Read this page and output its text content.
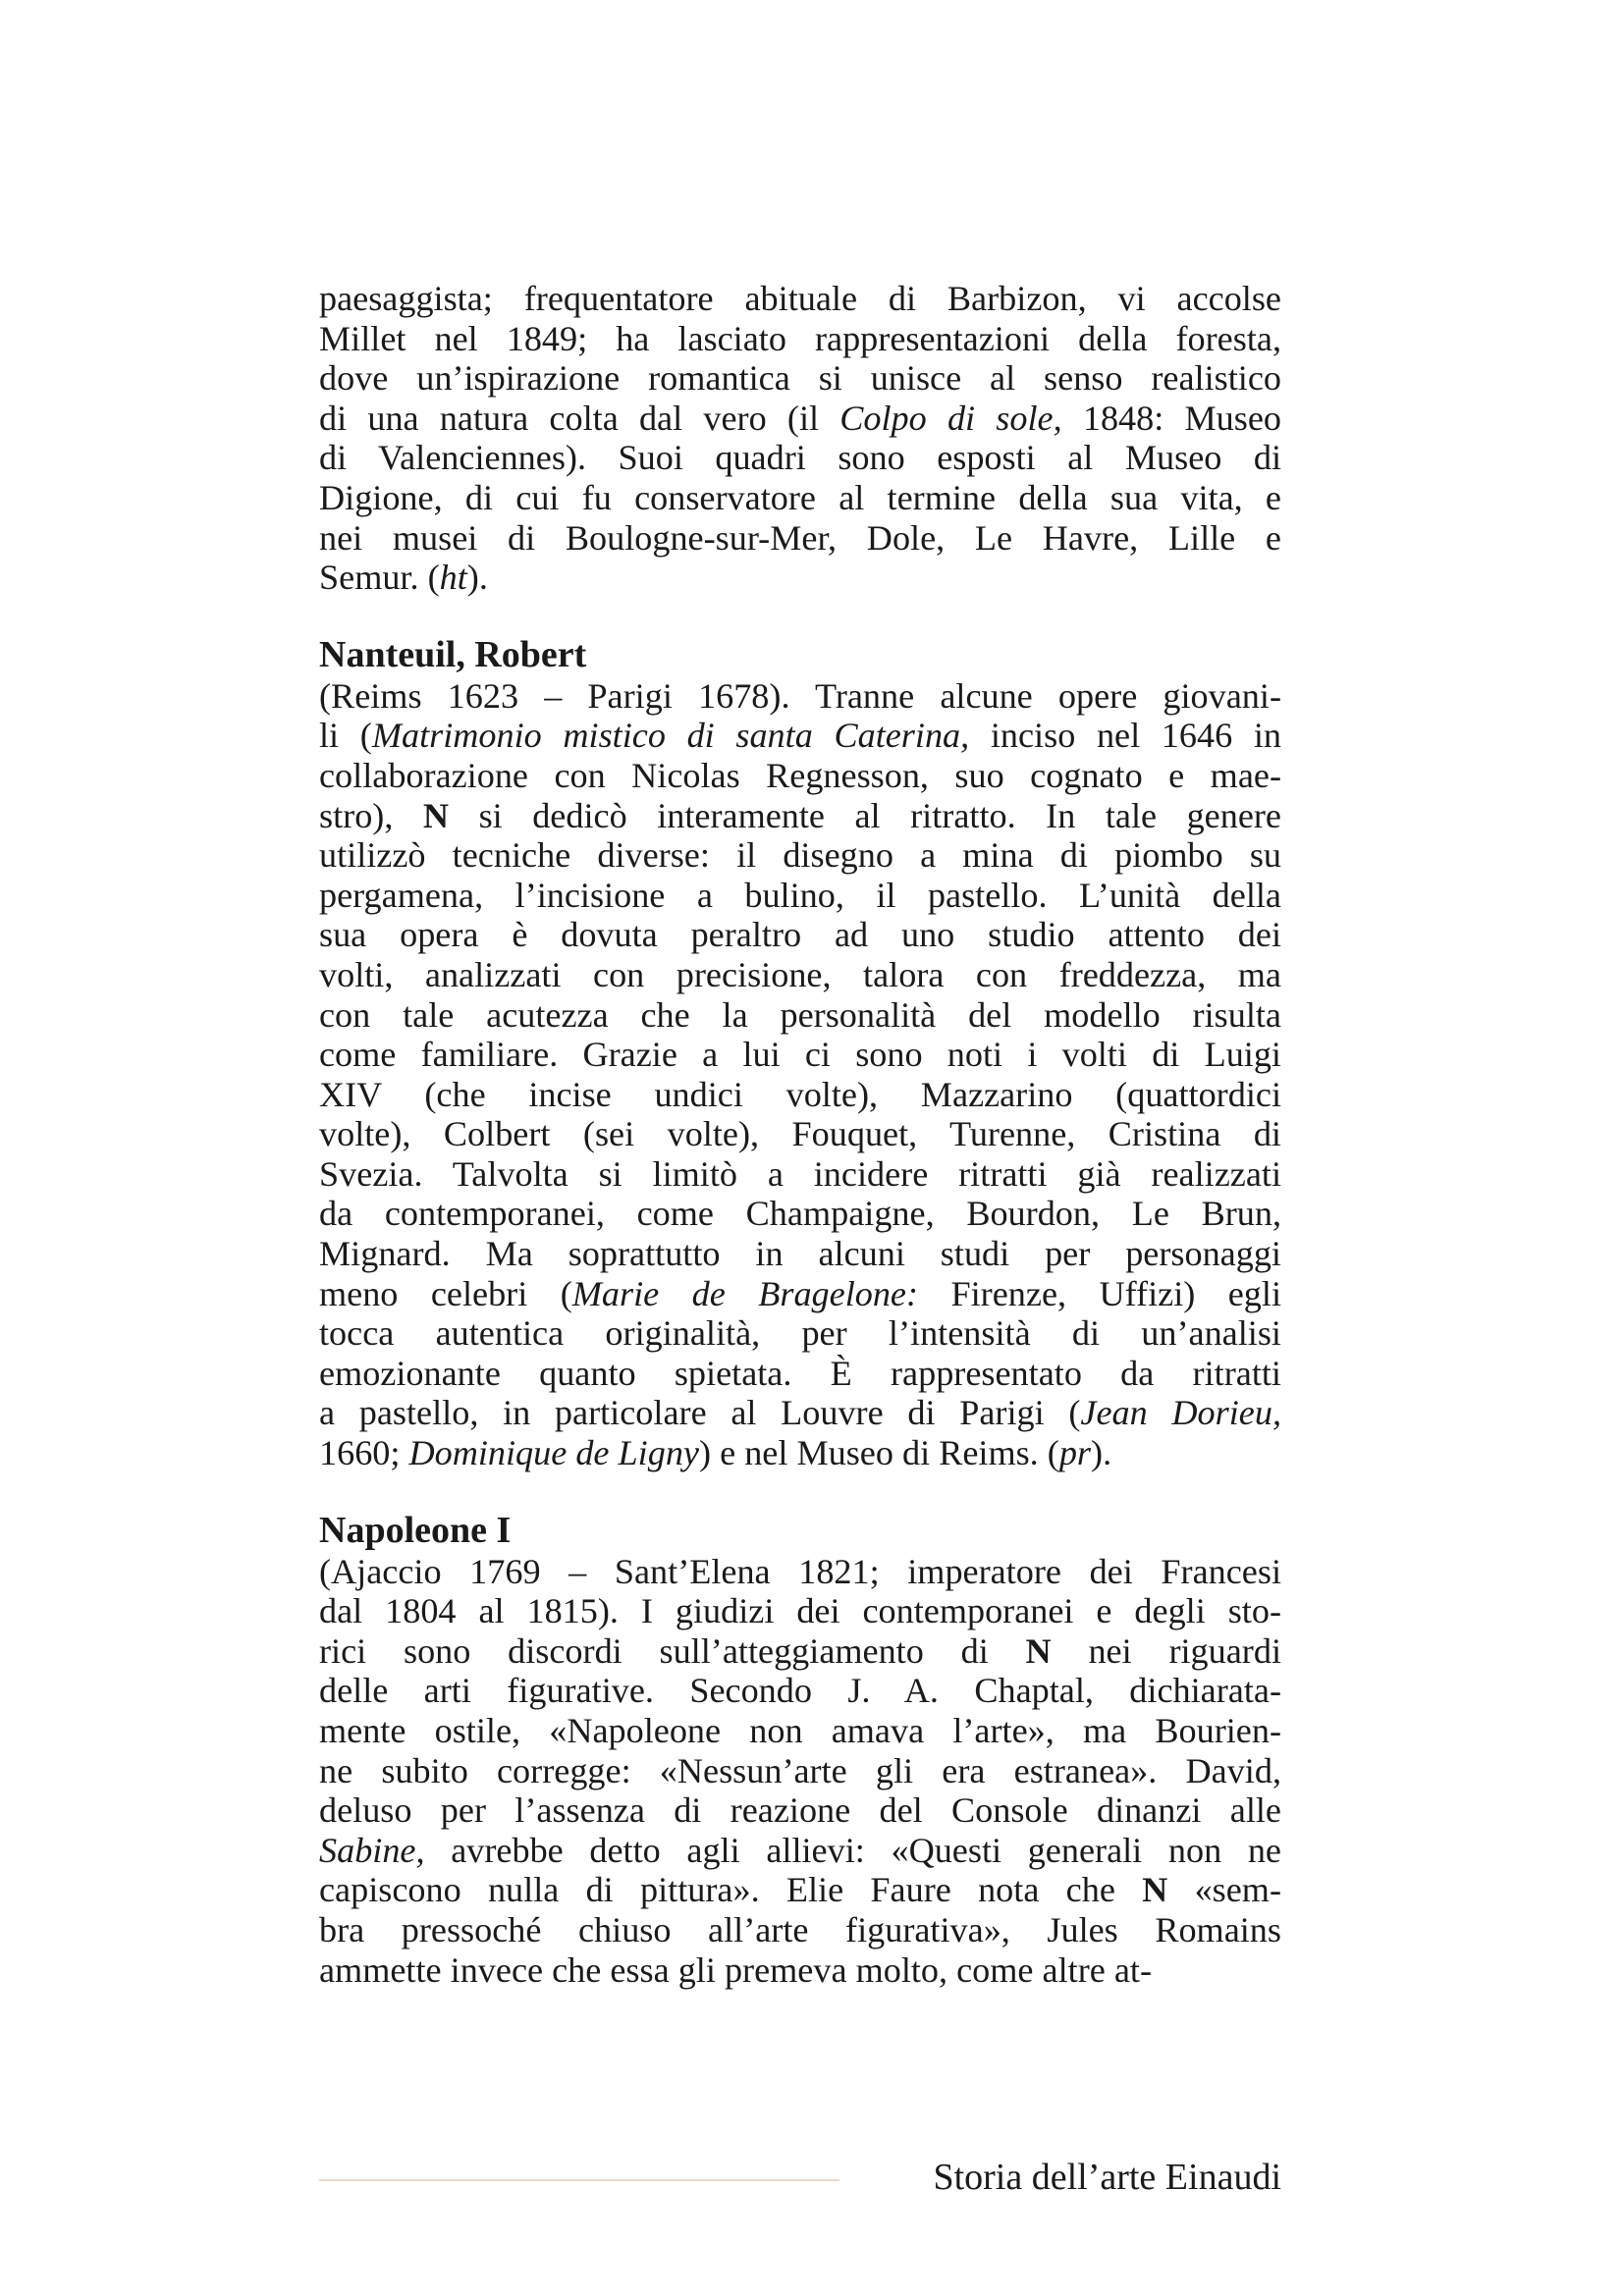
paesaggista; frequentatore abituale di Barbizon, vi accolse
Millet nel 1849; ha lasciato rappresentazioni della foresta,
dove un’ispirazione romantica si unisce al senso realistico
di una natura colta dal vero (il Colpo di sole, 1848: Museo
di Valenciennes). Suoi quadri sono esposti al Museo di
Digione, di cui fu conservatore al termine della sua vita, e
nei musei di Boulogne-sur-Mer, Dole, Le Havre, Lille e
Semur. (ht).
Nanteuil, Robert
(Reims 1623 – Parigi 1678). Tranne alcune opere giovani-
li (Matrimonio mistico di santa Caterina, inciso nel 1646 in
collaborazione con Nicolas Regnesson, suo cognato e mae-
stro), N si dedicò interamente al ritratto. In tale genere
utilizzò tecniche diverse: il disegno a mina di piombo su
pergamena, l’incisione a bulino, il pastello. L’unità della
sua opera è dovuta peraltro ad uno studio attento dei
volti, analizzati con precisione, talora con freddezza, ma
con tale acutezza che la personalità del modello risulta
come familiare. Grazie a lui ci sono noti i volti di Luigi
XIV (che incise undici volte), Mazzarino (quattordici
volte), Colbert (sei volte), Fouquet, Turenne, Cristina di
Svezia. Talvolta si limitò a incidere ritratti già realizzati
da contemporanei, come Champaigne, Bourdon, Le Brun,
Mignard. Ma soprattutto in alcuni studi per personaggi
meno celebri (Marie de Bragelone: Firenze, Uffizi) egli
tocca autentica originalità, per l’intensità di un’analisi
emozionante quanto spietata. È rappresentato da ritratti
a pastello, in particolare al Louvre di Parigi (Jean Dorieu,
1660; Dominique de Ligny) e nel Museo di Reims. (pr).
Napoleone I
(Ajaccio 1769 – Sant’Elena 1821; imperatore dei Francesi
dal 1804 al 1815). I giudizi dei contemporanei e degli sto-
rici sono discordi sull’atteggiamento di N nei riguardi
delle arti figurative. Secondo J. A. Chaptal, dichiarata-
mente ostile, «Napoleone non amava l’arte», ma Bourien-
ne subito corregge: «Nessun’arte gli era estranea». David,
deluso per l’assenza di reazione del Console dinanzi alle
Sabine, avrebbe detto agli allievi: «Questi generali non ne
capiscono nulla di pittura». Elie Faure nota che N «sem-
bra pressoché chiuso all’arte figurativa», Jules Romains
ammette invece che essa gli premeva molto, come altre at-
Storia dell’arte Einaudi
